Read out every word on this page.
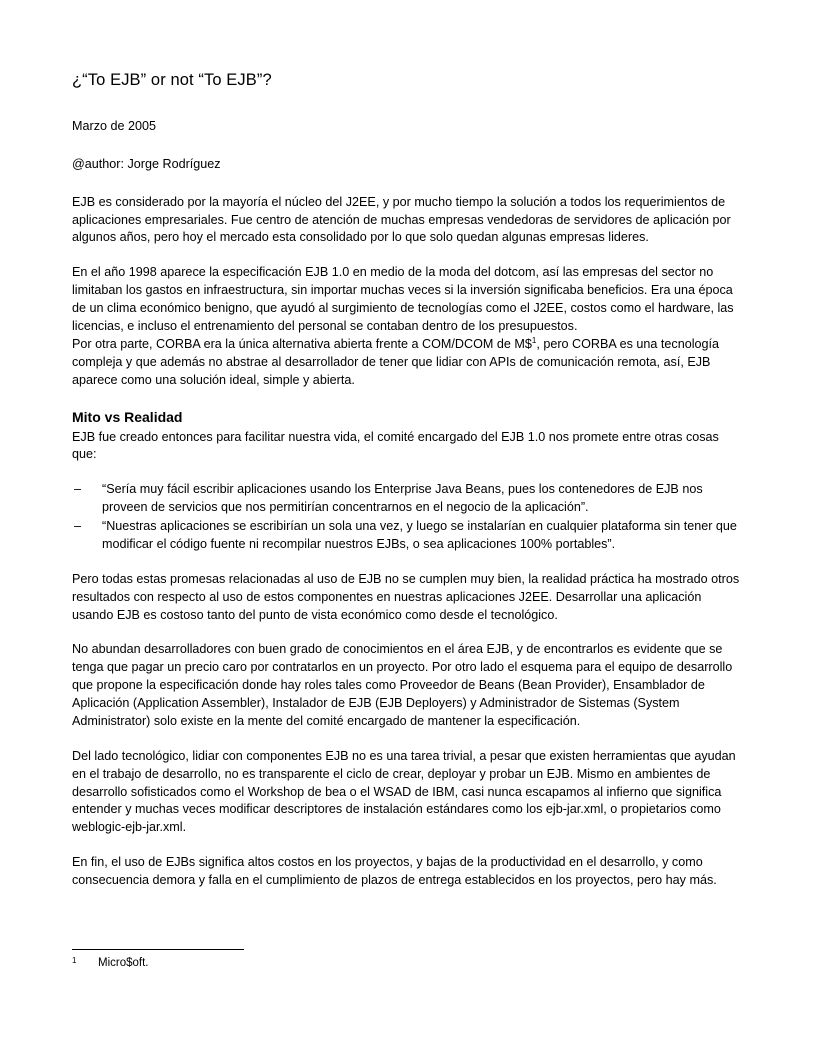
¿“To EJB” or not “To EJB”?
Marzo de 2005
@author: Jorge Rodríguez

EJB es considerado por la mayoría el núcleo del J2EE, y por mucho tiempo la solución a todos los requerimientos de aplicaciones empresariales. Fue centro de atención de muchas empresas vendedoras de servidores de aplicación por algunos años, pero hoy el mercado esta consolidado por lo que solo quedan algunas empresas lideres.

En el año 1998 aparece la especificación EJB 1.0 en medio de la moda del dotcom, así las empresas del sector no limitaban los gastos en infraestructura, sin importar muchas veces si la inversión significaba beneficios. Era una época de un clima económico benigno, que ayudó al surgimiento de tecnologías como el J2EE, costos como el hardware, las licencias, e incluso el entrenamiento del personal se contaban dentro de los presupuestos.

Por otra parte, CORBA era la única alternativa abierta frente a COM/DCOM de M\$$^1$, pero CORBA es una tecnología compleja y que además no abstrae al desarrollador de tener que lidiar con APIs de comunicación remota, así, EJB aparece como una solución ideal, simple y abierta.

Mito vs Realidad

EJB fue creado entonces para facilitar nuestra vida, el comité encargado del EJB 1.0 nos promete entre otras cosas que:

– “Sería muy fácil escribir aplicaciones usando los Enterprise Java Beans, pues los contenedores de EJB nos proveen de servicios que nos permitirían concentrarnos en el negocio de la aplicación”.
– “Nuestras aplicaciones se escribirían un sola una vez, y luego se instalarían en cualquier plataforma sin tener que modificar el código fuente ni recompilar nuestros EJBs, o sea aplicaciones 100% portables”.

Pero todas estas promesas relacionadas al uso de EJB no se cumplen muy bien, la realidad práctica ha mostrado otros resultados con respecto al uso de estos componentes en nuestras aplicaciones J2EE. Desarrollar una aplicación usando EJB es costoso tanto del punto de vista económico como desde el tecnológico.

No abundan desarrolladores con buen grado de conocimientos en el área EJB, y de encontrarlos es evidente que se tenga que pagar un precio caro por contratarlos en un proyecto. Por otro lado el esquema para el equipo de desarrollo que propone la especificación donde hay roles tales como Proveedor de Beans (Bean Provider), Ensamblador de Aplicación (Application Assembler), Instalador de EJB (EJB Deployers) y Administrador de Sistemas (System Administrator) solo existe en la mente del comité encargado de mantener la especificación.

Del lado tecnológico, lidiar con componentes EJB no es una tarea trivial, a pesar que existen herramientas que ayudan en el trabajo de desarrollo, no es transparente el ciclo de crear, deployar y probar un EJB. Mismo en ambientes de desarrollo sofisticados como el Workshop de bea o el WSAD de IBM, casi nunca escapamos al infierno que significa entender y muchas veces modificar descriptores de instalación estándares como los ejb-jar.xml, o propietarios como weblogic-ejb-jar.xml.

En fin, el uso de EJBs significa altos costos en los proyectos, y bajas de la productividad en el desarrollo, y como consecuencia demora y falla en el cumplimiento de plazos de entrega establecidos en los proyectos, pero hay más.

1	Micro$oft.
